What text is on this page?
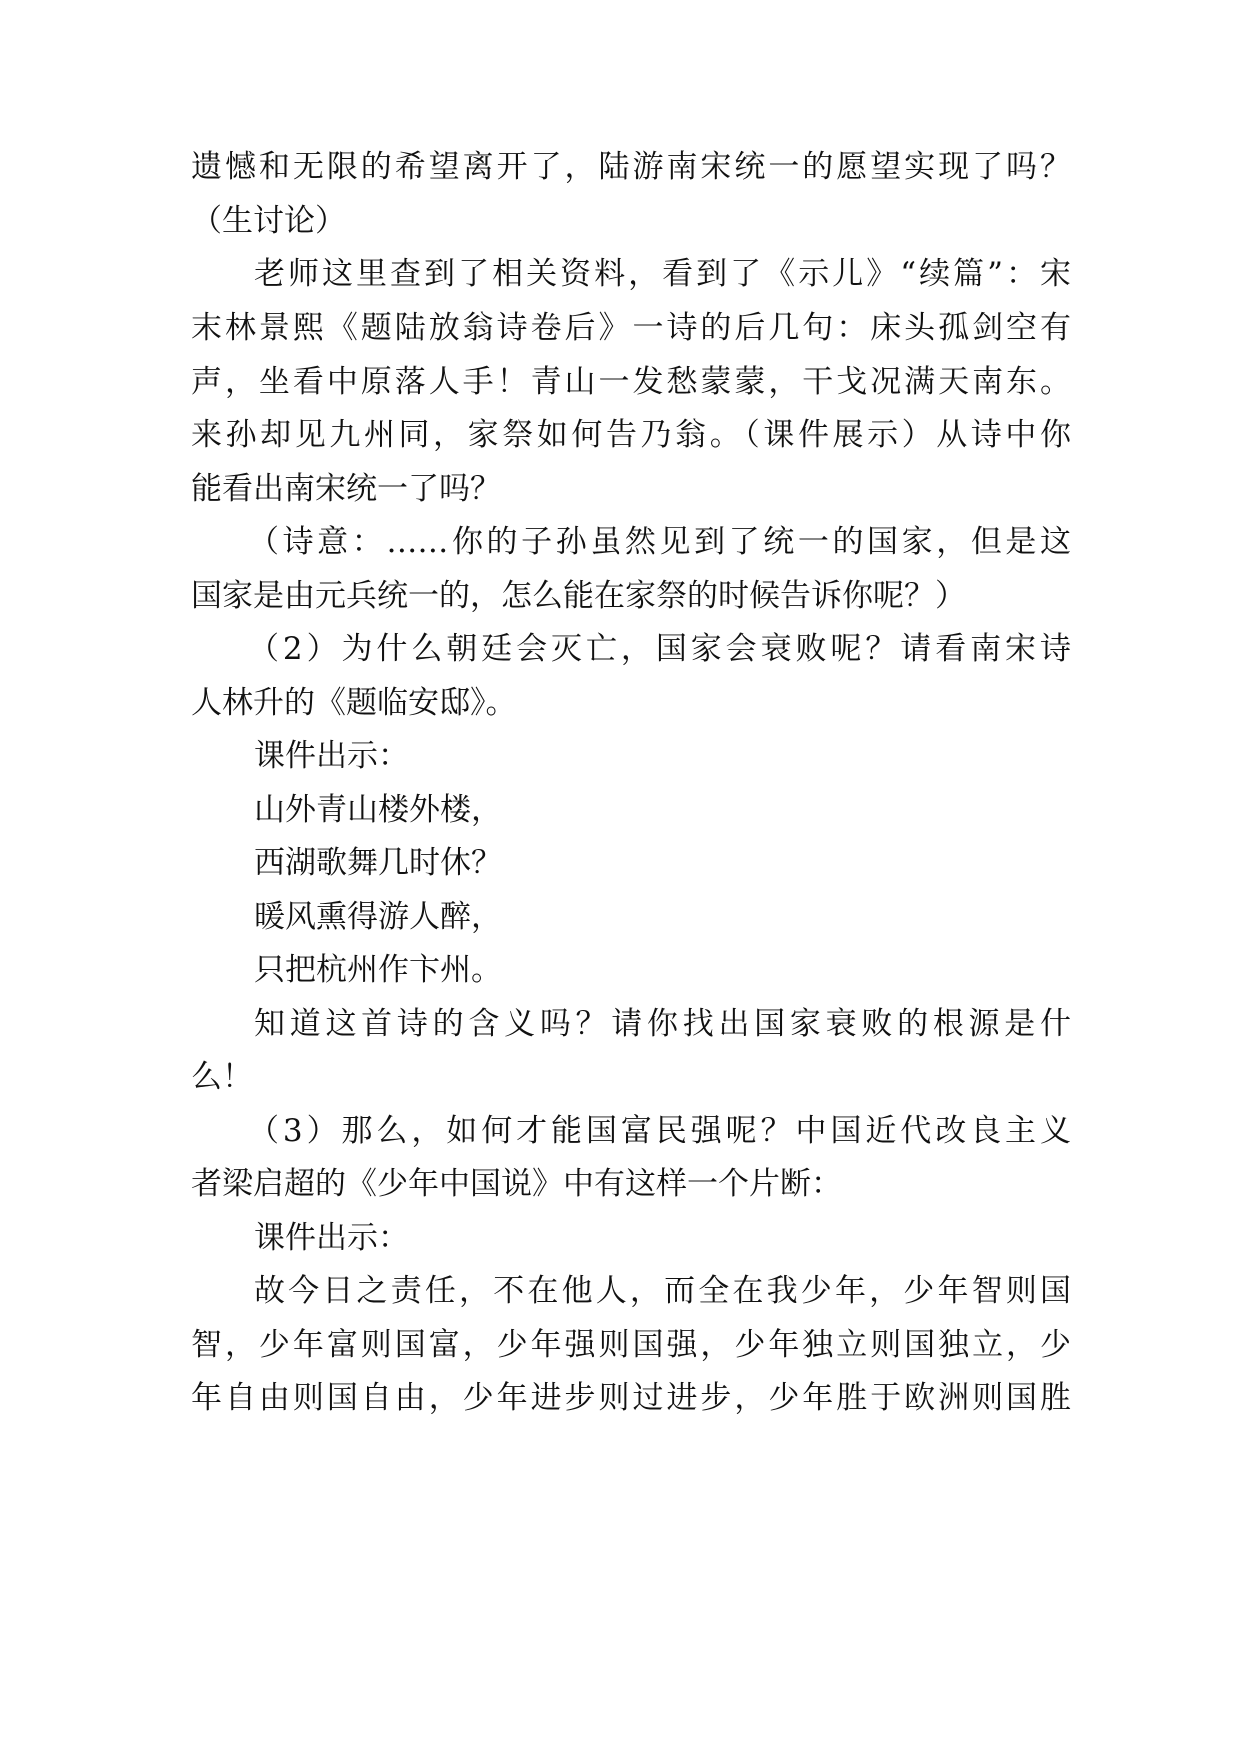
遗憾和无限的希望离开了，陆游南宋统一的愿望实现了吗？
（生讨论）
老师这里查到了相关资料，看到了《示儿》“续篇”：宋
末林景熙《题陆放翁诗卷后》一诗的后几句：床头孤剑空有
声，坐看中原落人手！青山一发愁蒙蒙，干戈况满天南东。
来孙却见九州同，家祭如何告乃翁。（课件展示）从诗中你
能看出南宋统一了吗？
（诗意：……你的子孙虽然见到了统一的国家，但是这
国家是由元兵统一的，怎么能在家祭的时候告诉你呢？）
（2）为什么朝廷会灭亡，国家会衰败呢？请看南宋诗
人林升的《题临安邸》。
课件出示：
山外青山楼外楼，
西湖歌舞几时休？
暖风熏得游人醉，
只把杭州作卞州。
知道这首诗的含义吗？请你找出国家衰败的根源是什
么！
（3）那么，如何才能国富民强呢？中国近代改良主义
者梁启超的《少年中国说》中有这样一个片断：
课件出示：
故今日之责任，不在他人，而全在我少年，少年智则国
智，少年富则国富，少年强则国强，少年独立则国独立，少
年自由则国自由，少年进步则过进步，少年胜于欧洲则国胜
